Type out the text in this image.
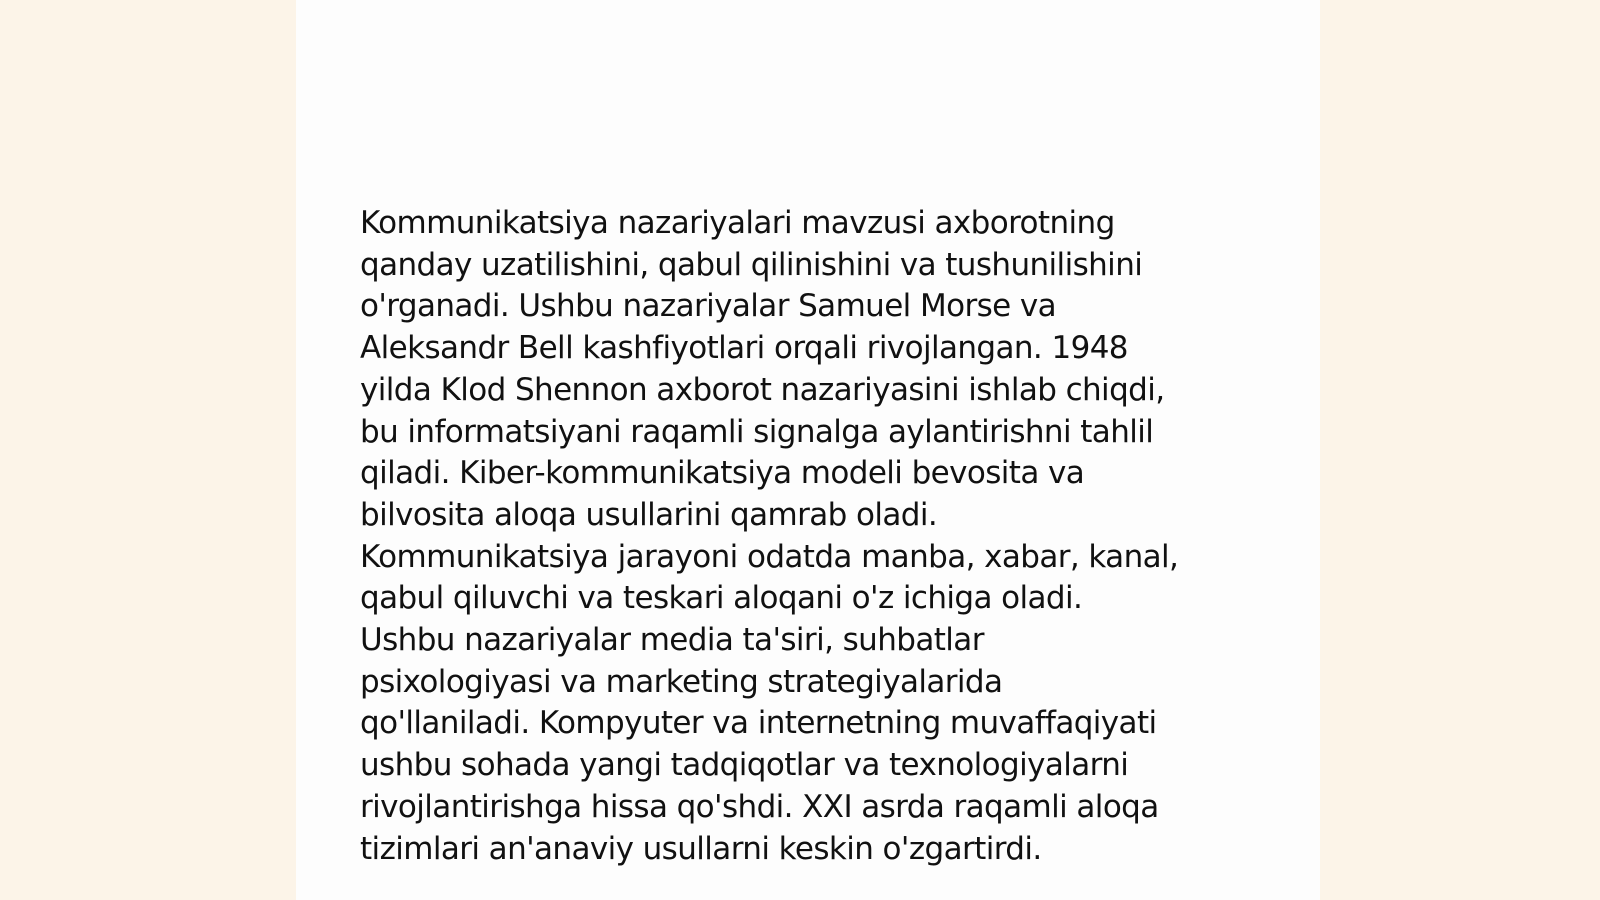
Kommunikatsiya nazariyalari mavzusi axborotning
qanday uzatilishini, qabul qilinishini va tushunilishini
o'rganadi. Ushbu nazariyalar Samuel Morse va
Aleksandr Bell kashfiyotlari orqali rivojlangan. 1948
yilda Klod Shennon axborot nazariyasini ishlab chiqdi,
bu informatsiyani raqamli signalga aylantirishni tahlil
qiladi. Kiber-kommunikatsiya modeli bevosita va
bilvosita aloqa usullarini qamrab oladi.
Kommunikatsiya jarayoni odatda manba, xabar, kanal,
qabul qiluvchi va teskari aloqani o'z ichiga oladi.
Ushbu nazariyalar media ta'siri, suhbatlar
psixologiyasi va marketing strategiyalarida
qo'llaniladi. Kompyuter va internetning muvaffaqiyati
ushbu sohada yangi tadqiqotlar va texnologiyalarni
rivojlantirishga hissa qo'shdi. XXI asrda raqamli aloqa
tizimlari an'anaviy usullarni keskin o'zgartirdi.
